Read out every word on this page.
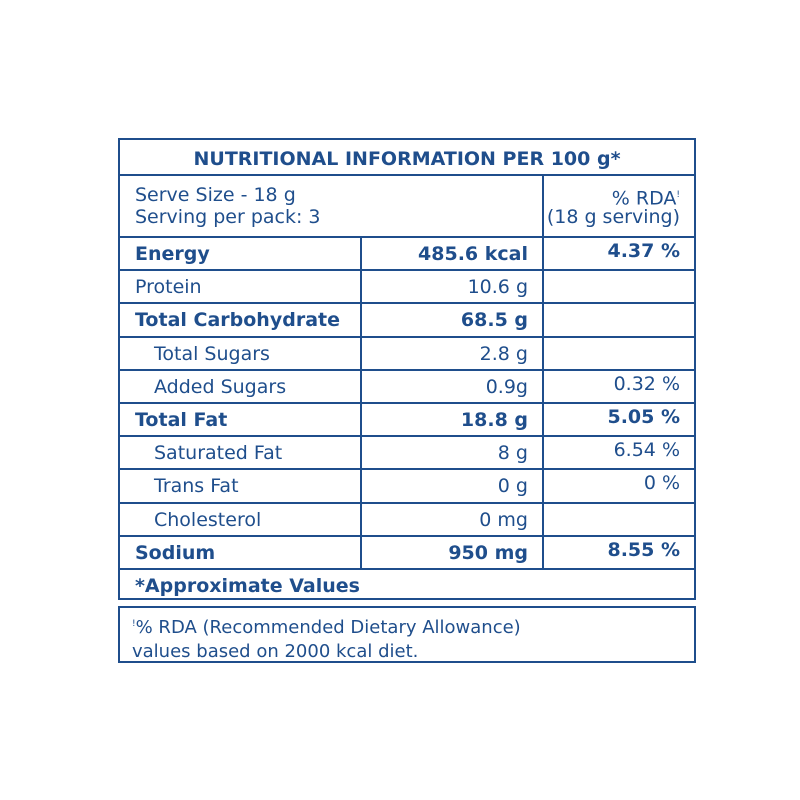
NUTRITIONAL INFORMATION PER 100 g*
Serve Size - 18 g
Serving per pack: 3
% RDA!
(18 g serving)
Energy	485.6 kcal	4.37 %
Protein	10.6 g
Total Carbohydrate	68.5 g
Total Sugars	2.8 g
Added Sugars	0.9g	0.32 %
Total Fat	18.8 g	5.05 %
Saturated Fat	8 g	6.54 %
Trans Fat	0 g	0 %
Cholesterol	0 mg
Sodium	950 mg	8.55 %
*Approximate Values
!% RDA (Recommended Dietary Allowance)
values based on 2000 kcal diet.
